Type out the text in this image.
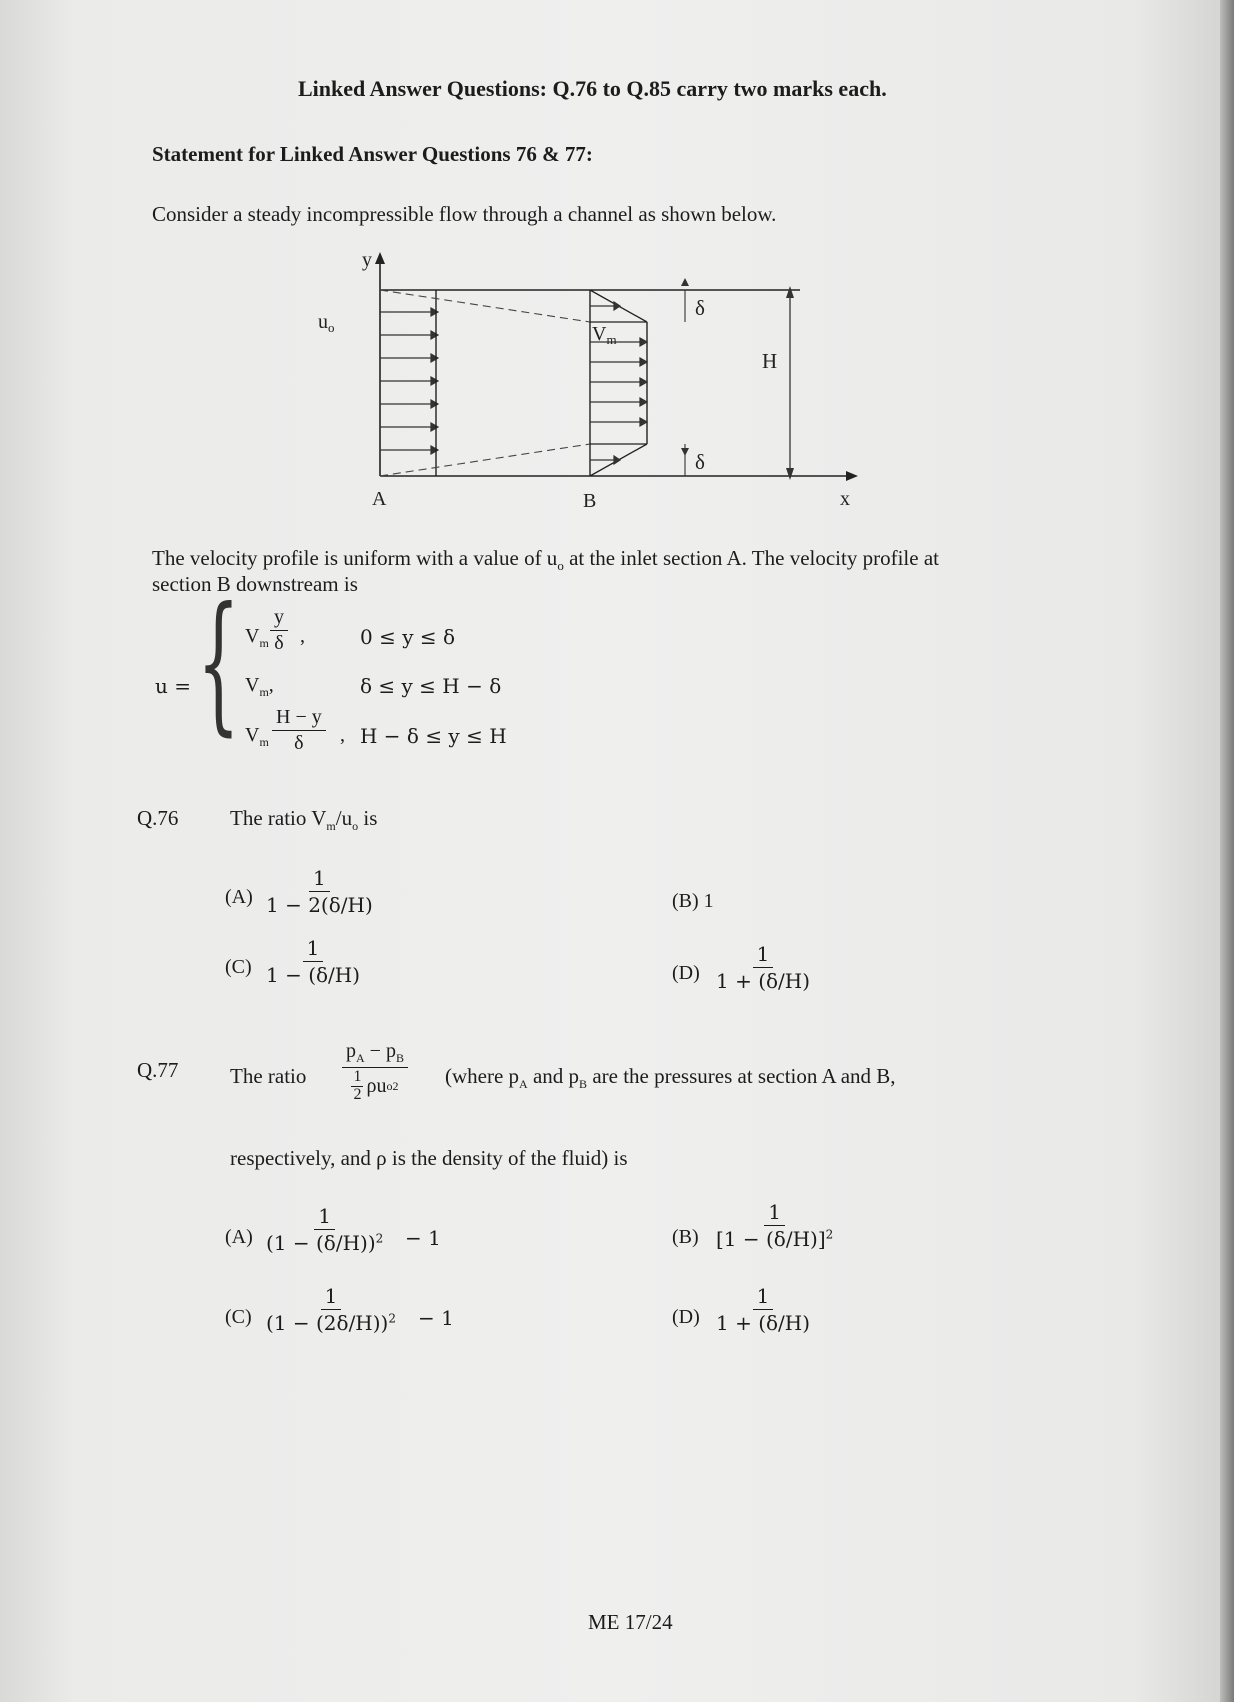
Linked Answer Questions: Q.76 to Q.85 carry two marks each.
Statement for Linked Answer Questions 76 & 77:
Consider a steady incompressible flow through a channel as shown below.
y
x
$u_o$	$V_m$
H
δ
δ
A	B
The velocity profile is uniform with a value of $u_o$ at the inlet section A. The velocity profile at
section B downstream is
u = { $V_m \frac{y}{\delta}$ ,	0 ≤ y ≤ δ
$V_m$,	δ ≤ y ≤ H − δ
$V_m \frac{H - y}{\delta}$ , H − δ ≤ y ≤ H
Q.76 The ratio $V_m/u_o$ is
$(A) \frac{1}{1 - 2(\delta/H)}$	(B) 1
$(C) \frac{1}{1 - (\delta/H)}$	$(D) \frac{1}{1 + (\delta/H)}$
Q.77 The ratio
$p_A - p_B$
1
2 ρu o 2 (where $p_A$ and $p_B$ are the pressures at section A and B,
respectively, and ρ is the density of the fluid) is
$(A) \frac{1}{(1 - (\delta/H))^2} - 1$	$(B) \frac{1}{[1 - (\delta/H)]^2}$
$(C) \frac{1}{(1 - (2\delta/H))^2} - 1$	$(D) \frac{1}{1 + (\delta/H)}$
ME 17/24
